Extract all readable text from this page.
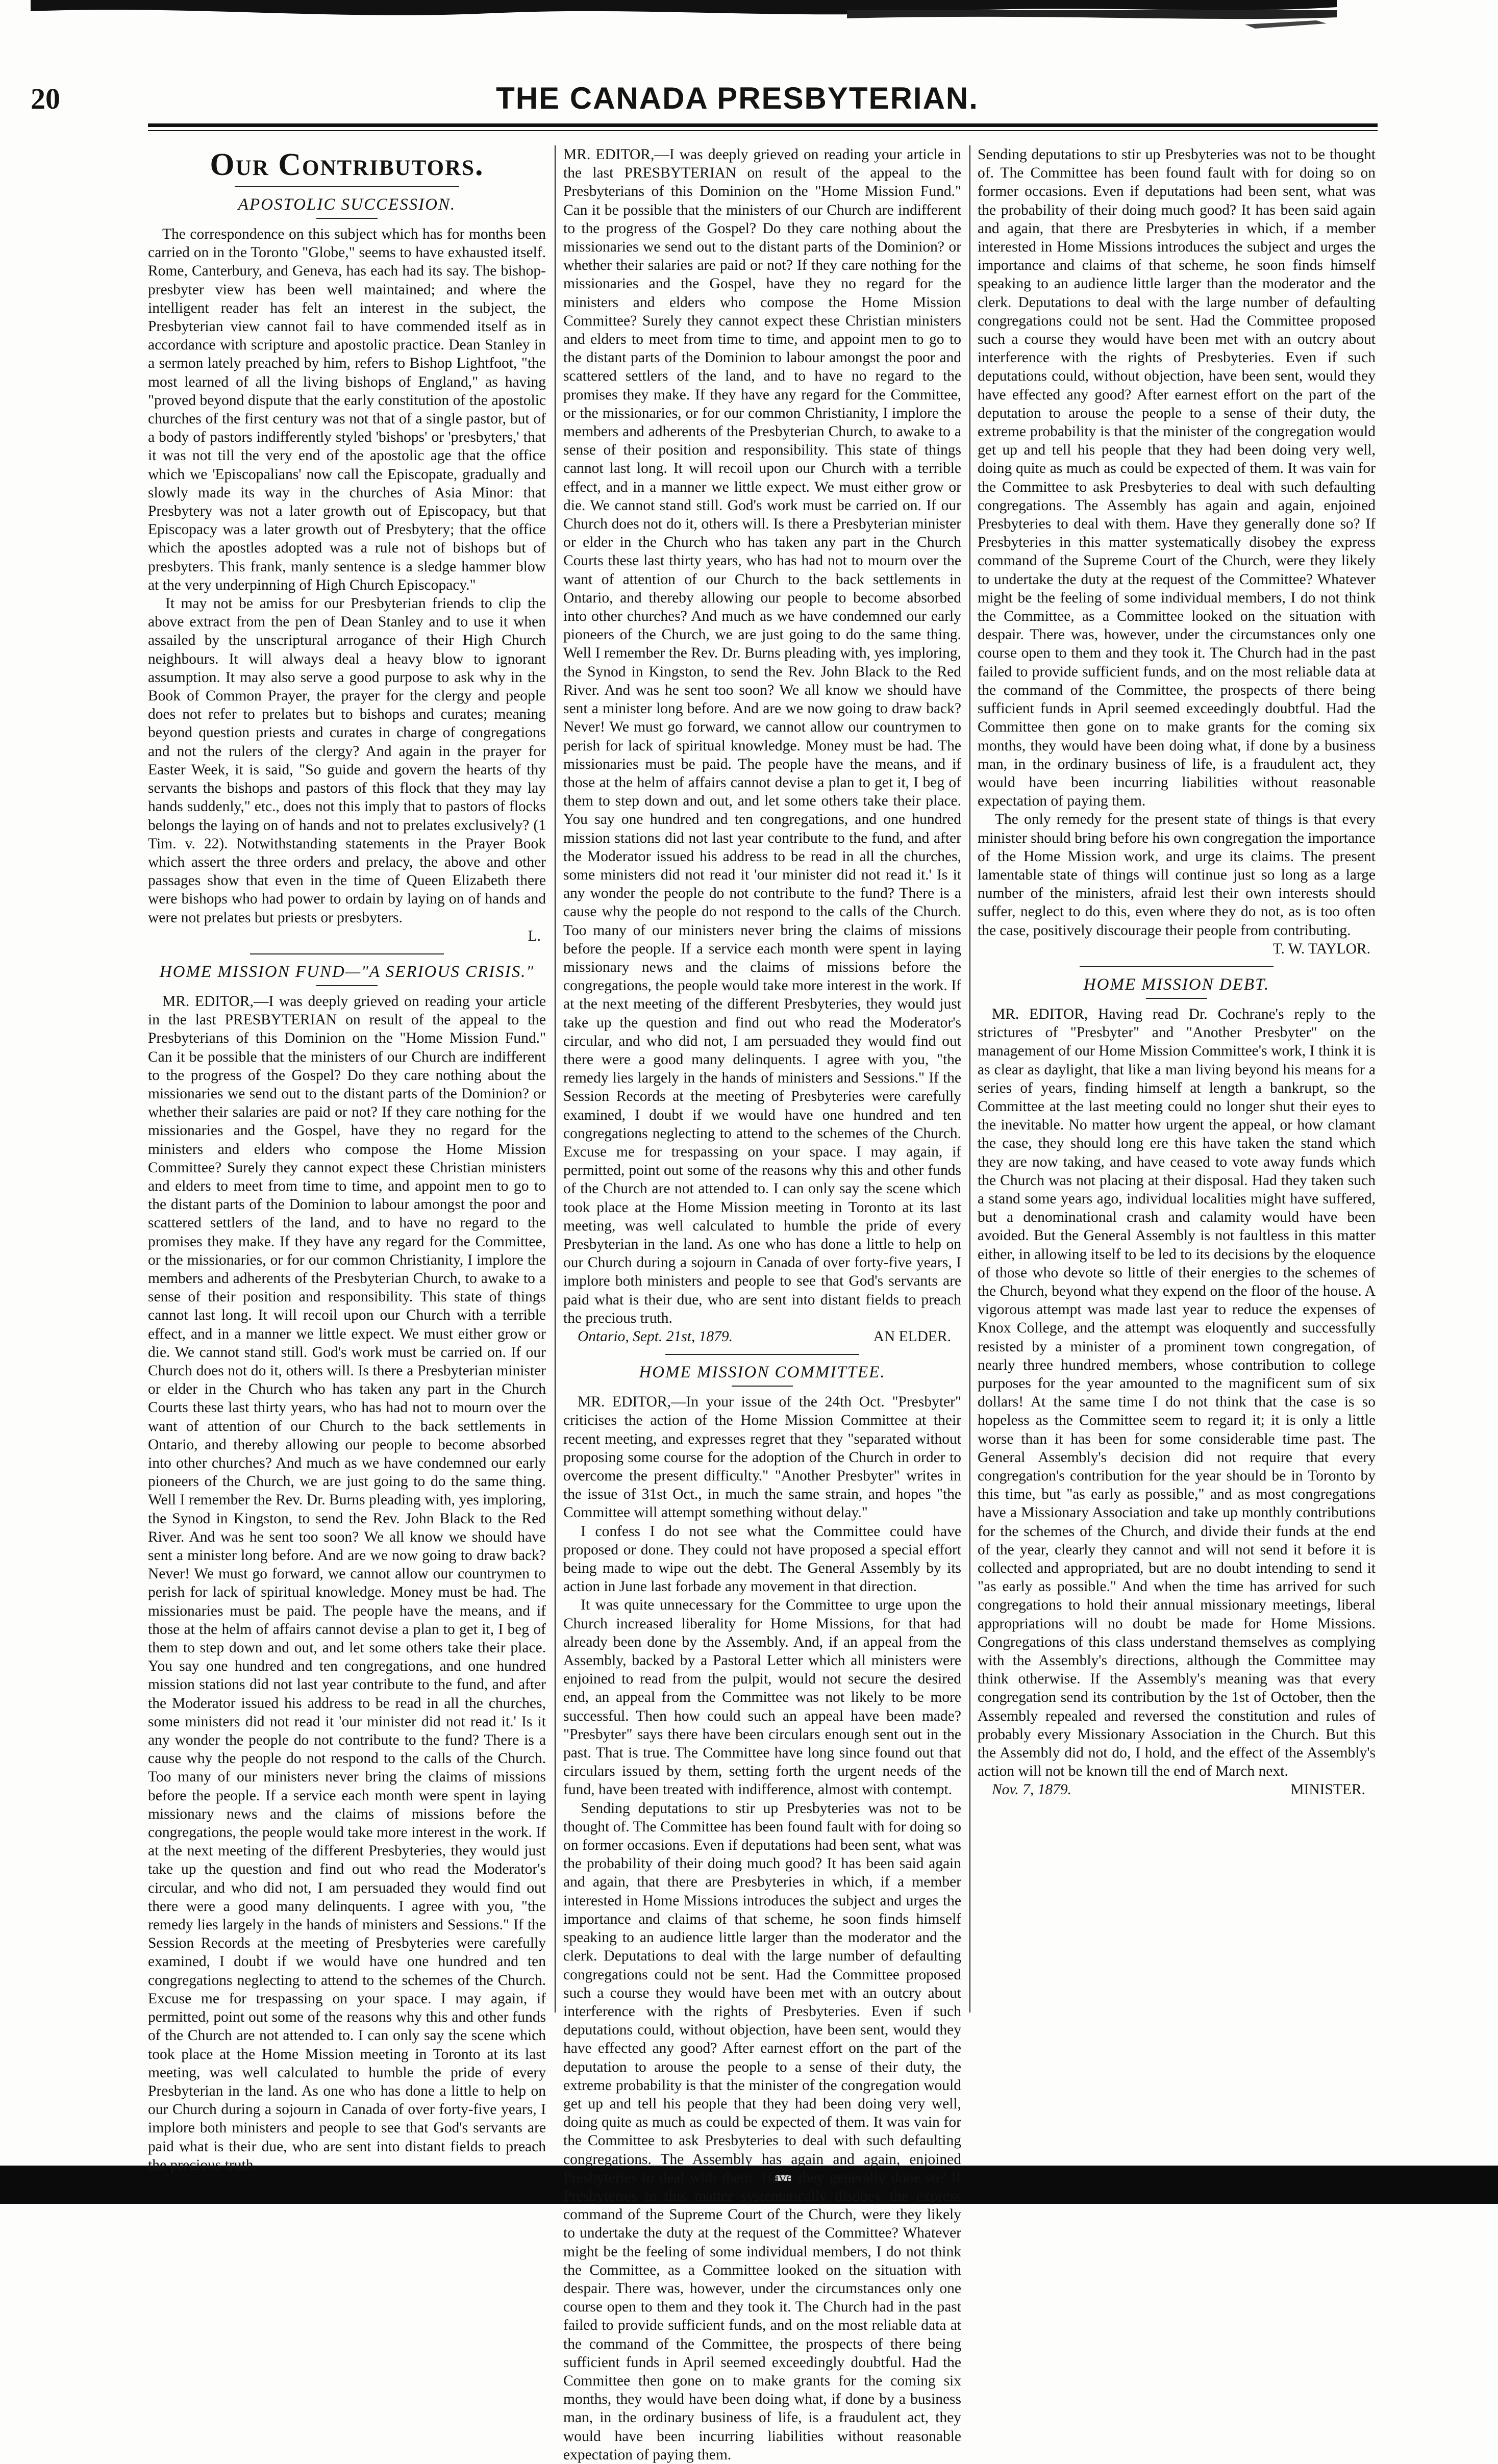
20	THE CANADA PRESBYTERIAN.
Our Contributors.
APOSTOLIC SUCCESSION.

The correspondence on this subject which has for months been carried on in the Toronto "Globe," seems to have exhausted itself. Rome, Canterbury, and Geneva, has each had its say. The bishop-presbyter view has been well maintained; and where the intelligent reader has felt an interest in the subject, the Presbyterian view cannot fail to have commended itself as in accordance with scripture and apostolic practice. Dean Stanley in a sermon lately preached by him, refers to Bishop Lightfoot, "the most learned of all the living bishops of England," as having "proved beyond dispute that the early constitution of the apostolic churches of the first century was not that of a single pastor, but of a body of pastors indifferently styled 'bishops' or 'presbyters,' that it was not till the very end of the apostolic age that the office which we 'Episcopalians' now call the Episcopate, gradually and slowly made its way in the churches of Asia Minor: that Presbytery was not a later growth out of Episcopacy, but that Episcopacy was a later growth out of Presbytery; that the office which the apostles adopted was a rule not of bishops but of presbyters. This frank, manly sentence is a sledge hammer blow at the very underpinning of High Church Episcopacy."

It may not be amiss for our Presbyterian friends to clip the above extract from the pen of Dean Stanley and to use it when assailed by the unscriptural arrogance of their High Church neighbours. It will always deal a heavy blow to ignorant assumption. It may also serve a good purpose to ask why in the Book of Common Prayer, the prayer for the clergy and people does not refer to prelates but to bishops and curates; meaning beyond question priests and curates in charge of congregations and not the rulers of the clergy? And again in the prayer for Easter Week, it is said, "So guide and govern the hearts of thy servants the bishops and pastors of this flock that they may lay hands suddenly," etc., does not this imply that to pastors of flocks belongs the laying on of hands and not to prelates exclusively? (1 Tim. v. 22). Notwithstanding statements in the Prayer Book which assert the three orders and prelacy, the above and other passages show that even in the time of Queen Elizabeth there were bishops who had power to ordain by laying on of hands and were not prelates but priests or presbyters.

L.
HOME MISSION FUND—"A SERIOUS CRISIS."

MR. EDITOR,—I was deeply grieved on reading your article in the last PRESBYTERIAN on result of the appeal to the Presbyterians of this Dominion on the "Home Mission Fund." Can it be possible that the ministers of our Church are indifferent to the progress of the Gospel? Do they care nothing about the missionaries we send out to the distant parts of the Dominion? or whether their salaries are paid or not? If they care nothing for the missionaries and the Gospel, have they no regard for the ministers and elders who compose the Home Mission Committee? Surely they cannot expect these Christian ministers and elders to meet from time to time, and appoint men to go to the distant parts of the Dominion to labour amongst the poor and scattered settlers of the land, and to have no regard to the promises they make. If they have any regard for the Committee, or the missionaries, or for our common Christianity, I implore the members and adherents of the Presbyterian Church, to awake to a sense of their position and responsibility. This state of things cannot last long. It will recoil upon our Church with a terrible effect, and in a manner we little expect. We must either grow or die. We cannot stand still. God's work must be carried on. If our Church does not do it, others will. Is there a Presbyterian minister or elder in the Church who has taken any part in the Church Courts these last thirty years, who has had not to mourn over the want of attention of our Church to the back settlements in Ontario, and thereby allowing our people to become absorbed into other churches? And much as we have condemned our early pioneers of the Church, we are just going to do the same thing. Well I remember the Rev. Dr. Burns pleading with, yes imploring, the Synod in Kingston, to send the Rev. John Black to the Red River. And was he sent too soon? We all know we should have sent a minister long before. And are we now going to draw back? Never! We must go forward, we cannot allow our countrymen to perish for lack of spiritual knowledge. Money must be had. The missionaries must be paid. The people have the means, and if those at the helm of affairs cannot devise a plan to get it, I beg of them to step down and out, and let some others take their place. You say one hundred and ten congregations, and one hundred mission stations did not last year contribute to the fund, and after the Moderator issued his address to be read in all the churches, some ministers did not read it 'our minister did not read it.' Is it any wonder the people do not contribute to the fund? There is a cause why the people do not respond to the calls of the Church. Too many of our ministers never bring the claims of missions before the people. If a service each month were spent in laying missionary news and the claims of missions before the congregations, the people would take more interest in the work. If at the next meeting of the different Presbyteries, they would just take up the question and find out who read the Moderator's circular, and who did not, I am persuaded they would find out there were a good many delinquents. I agree with you, "the remedy lies largely in the hands of ministers and Sessions." If the Session Records at the meeting of Presbyteries were carefully examined, I doubt if we would have one hundred and ten congregations neglecting to attend to the schemes of the Church. Excuse me for trespassing on your space. I may again, if permitted, point out some of the reasons why this and other funds of the Church are not attended to. I can only say the scene which took place at the Home Mission meeting in Toronto at its last meeting, was well calculated to humble the pride of every Presbyterian in the land. As one who has done a little to help on our Church during a sojourn in Canada of over forty-five years, I implore both ministers and people to see that God's servants are paid what is their due, who are sent into distant fields to preach the precious truth.

MR. EDITOR,—I was deeply grieved on reading your article in the last PRESBYTERIAN on result of the appeal to the Presbyterians of this Dominion on the "Home Mission Fund." Can it be possible that the ministers of our Church are indifferent to the progress of the Gospel? Do they care nothing about the missionaries we send out to the distant parts of the Dominion? or whether their salaries are paid or not? If they care nothing for the missionaries and the Gospel, have they no regard for the ministers and elders who compose the Home Mission Committee? Surely they cannot expect these Christian ministers and elders to meet from time to time, and appoint men to go to the distant parts of the Dominion to labour amongst the poor and scattered settlers of the land, and to have no regard to the promises they make. If they have any regard for the Committee, or the missionaries, or for our common Christianity, I implore the members and adherents of the Presbyterian Church, to awake to a sense of their position and responsibility. This state of things cannot last long. It will recoil upon our Church with a terrible effect, and in a manner we little expect. We must either grow or die. We cannot stand still. God's work must be carried on. If our Church does not do it, others will. Is there a Presbyterian minister or elder in the Church who has taken any part in the Church Courts these last thirty years, who has had not to mourn over the want of attention of our Church to the back settlements in Ontario, and thereby allowing our people to become absorbed into other churches? And much as we have condemned our early pioneers of the Church, we are just going to do the same thing. Well I remember the Rev. Dr. Burns pleading with, yes imploring, the Synod in Kingston, to send the Rev. John Black to the Red River. And was he sent too soon? We all know we should have sent a minister long before. And are we now going to draw back? Never! We must go forward, we cannot allow our countrymen to perish for lack of spiritual knowledge. Money must be had. The missionaries must be paid. The people have the means, and if those at the helm of affairs cannot devise a plan to get it, I beg of them to step down and out, and let some others take their place. You say one hundred and ten congregations, and one hundred mission stations did not last year contribute to the fund, and after the Moderator issued his address to be read in all the churches, some ministers did not read it 'our minister did not read it.' Is it any wonder the people do not contribute to the fund? There is a cause why the people do not respond to the calls of the Church. Too many of our ministers never bring the claims of missions before the people. If a service each month were spent in laying missionary news and the claims of missions before the congregations, the people would take more interest in the work. If at the next meeting of the different Presbyteries, they would just take up the question and find out who read the Moderator's circular, and who did not, I am persuaded they would find out there were a good many delinquents. I agree with you, "the remedy lies largely in the hands of ministers and Sessions." If the Session Records at the meeting of Presbyteries were carefully examined, I doubt if we would have one hundred and ten congregations neglecting to attend to the schemes of the Church. Excuse me for trespassing on your space. I may again, if permitted, point out some of the reasons why this and other funds of the Church are not attended to. I can only say the scene which took place at the Home Mission meeting in Toronto at its last meeting, was well calculated to humble the pride of every Presbyterian in the land. As one who has done a little to help on our Church during a sojourn in Canada of over forty-five years, I implore both ministers and people to see that God's servants are paid what is their due, who are sent into distant fields to preach the precious truth.

Ontario, Sept. 21st, 1879.	AN ELDER.
HOME MISSION COMMITTEE.

MR. EDITOR,—In your issue of the 24th Oct. "Presbyter" criticises the action of the Home Mission Committee at their recent meeting, and expresses regret that they "separated without proposing some course for the adoption of the Church in order to overcome the present difficulty." "Another Presbyter" writes in the issue of 31st Oct., in much the same strain, and hopes "the Committee will attempt something without delay."

I confess I do not see what the Committee could have proposed or done. They could not have proposed a special effort being made to wipe out the debt. The General Assembly by its action in June last forbade any movement in that direction.

It was quite unnecessary for the Committee to urge upon the Church increased liberality for Home Missions, for that had already been done by the Assembly. And, if an appeal from the Assembly, backed by a Pastoral Letter which all ministers were enjoined to read from the pulpit, would not secure the desired end, an appeal from the Committee was not likely to be more successful. Then how could such an appeal have been made? "Presbyter" says there have been circulars enough sent out in the past. That is true. The Committee have long since found out that circulars issued by them, setting forth the urgent needs of the fund, have been treated with indifference, almost with contempt.

Sending deputations to stir up Presbyteries was not to be thought of. The Committee has been found fault with for doing so on former occasions. Even if deputations had been sent, what was the probability of their doing much good? It has been said again and again, that there are Presbyteries in which, if a member interested in Home Missions introduces the subject and urges the importance and claims of that scheme, he soon finds himself speaking to an audience little larger than the moderator and the clerk. Deputations to deal with the large number of defaulting congregations could not be sent. Had the Committee proposed such a course they would have been met with an outcry about interference with the rights of Presbyteries. Even if such deputations could, without objection, have been sent, would they have effected any good? After earnest effort on the part of the deputation to arouse the people to a sense of their duty, the extreme probability is that the minister of the congregation would get up and tell his people that they had been doing very well, doing quite as much as could be expected of them. It was vain for the Committee to ask Presbyteries to deal with such defaulting congregations. The Assembly has again and again, enjoined Presbyteries to deal with them. Have they generally done so? If Presbyteries in this matter systematically disobey the express command of the Supreme Court of the Church, were they likely to undertake the duty at the request of the Committee? Whatever might be the feeling of some individual members, I do not think the Committee, as a Committee looked on the situation with despair. There was, however, under the circumstances only one course open to them and they took it. The Church had in the past failed to provide sufficient funds, and on the most reliable data at the command of the Committee, the prospects of there being sufficient funds in April seemed exceedingly doubtful. Had the Committee then gone on to make grants for the coming six months, they would have been doing what, if done by a business man, in the ordinary business of life, is a fraudulent act, they would have been incurring liabilities without reasonable expectation of paying them.

Sending deputations to stir up Presbyteries was not to be thought of. The Committee has been found fault with for doing so on former occasions. Even if deputations had been sent, what was the probability of their doing much good? It has been said again and again, that there are Presbyteries in which, if a member interested in Home Missions introduces the subject and urges the importance and claims of that scheme, he soon finds himself speaking to an audience little larger than the moderator and the clerk. Deputations to deal with the large number of defaulting congregations could not be sent. Had the Committee proposed such a course they would have been met with an outcry about interference with the rights of Presbyteries. Even if such deputations could, without objection, have been sent, would they have effected any good? After earnest effort on the part of the deputation to arouse the people to a sense of their duty, the extreme probability is that the minister of the congregation would get up and tell his people that they had been doing very well, doing quite as much as could be expected of them. It was vain for the Committee to ask Presbyteries to deal with such defaulting congregations. The Assembly has again and again, enjoined Presbyteries to deal with them. Have they generally done so? If Presbyteries in this matter systematically disobey the express command of the Supreme Court of the Church, were they likely to undertake the duty at the request of the Committee? Whatever might be the feeling of some individual members, I do not think the Committee, as a Committee looked on the situation with despair. There was, however, under the circumstances only one course open to them and they took it. The Church had in the past failed to provide sufficient funds, and on the most reliable data at the command of the Committee, the prospects of there being sufficient funds in April seemed exceedingly doubtful. Had the Committee then gone on to make grants for the coming six months, they would have been doing what, if done by a business man, in the ordinary business of life, is a fraudulent act, they would have been incurring liabilities without reasonable expectation of paying them.

The only remedy for the present state of things is that every minister should bring before his own congregation the importance of the Home Mission work, and urge its claims. The present lamentable state of things will continue just so long as a large number of the ministers, afraid lest their own interests should suffer, neglect to do this, even where they do not, as is too often the case, positively discourage their people from contributing.

T. W. TAYLOR.
HOME MISSION DEBT.

MR. EDITOR, Having read Dr. Cochrane's reply to the strictures of "Presbyter" and "Another Presbyter" on the management of our Home Mission Committee's work, I think it is as clear as daylight, that like a man living beyond his means for a series of years, finding himself at length a bankrupt, so the Committee at the last meeting could no longer shut their eyes to the inevitable. No matter how urgent the appeal, or how clamant the case, they should long ere this have taken the stand which they are now taking, and have ceased to vote away funds which the Church was not placing at their disposal. Had they taken such a stand some years ago, individual localities might have suffered, but a denominational crash and calamity would have been avoided. But the General Assembly is not faultless in this matter either, in allowing itself to be led to its decisions by the eloquence of those who devote so little of their energies to the schemes of the Church, beyond what they expend on the floor of the house. A vigorous attempt was made last year to reduce the expenses of Knox College, and the attempt was eloquently and successfully resisted by a minister of a prominent town congregation, of nearly three hundred members, whose contribution to college purposes for the year amounted to the magnificent sum of six dollars! At the same time I do not think that the case is so hopeless as the Committee seem to regard it; it is only a little worse than it has been for some considerable time past. The General Assembly's decision did not require that every congregation's contribution for the year should be in Toronto by this time, but "as early as possible," and as most congregations have a Missionary Association and take up monthly contributions for the schemes of the Church, and divide their funds at the end of the year, clearly they cannot and will not send it before it is collected and appropriated, but are no doubt intending to send it "as early as possible." And when the time has arrived for such congregations to hold their annual missionary meetings, liberal appropriations will no doubt be made for Home Missions. Congregations of this class understand themselves as complying with the Assembly's directions, although the Committee may think otherwise. If the Assembly's meaning was that every congregation send its contribution by the 1st of October, then the Assembly repealed and reversed the constitution and rules of probably every Missionary Association in the Church. But this the Assembly did not do, I hold, and the effect of the Assembly's action will not be known till the end of March next.

Nov. 7, 1879.	MINISTER.
